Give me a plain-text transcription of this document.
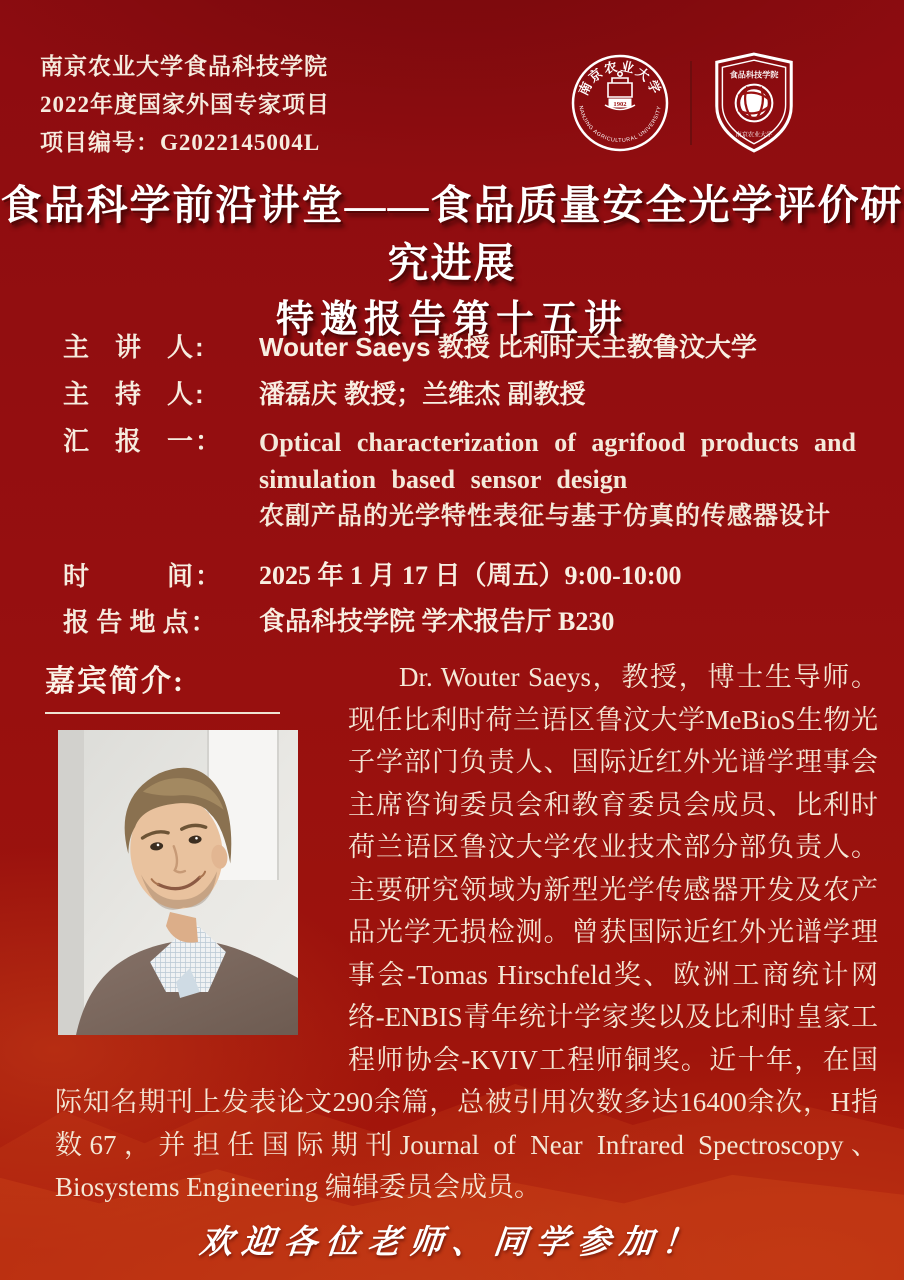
南京农业大学食品科技学院
2022年度国家外国专家项目
项目编号：G2022145004L
南京农业大学
NANJING AGRICULTURAL UNIVERSITY
1902
食品科技学院
南京农业大学
食品科学前沿讲堂——食品质量安全光学评价研究进展
特邀报告第十五讲
主　讲　人 : Wouter Saeys 教授 比利时天主教鲁汶大学
主　持　人 : 潘磊庆 教授；兰维杰 副教授
汇　报　一 ： Optical characterization of agrifood products and
simulation based sensor design
农副产品的光学特性表征与基于仿真的传感器设计
时　　　间 ： 2025 年 1 月 17 日（周五）9:00-10:00
报 告 地 点 ： 食品科技学院 学术报告厅 B230
嘉宾简介:	Dr. Wouter Saeys，教授，博士生导师。现任比利时荷兰语区鲁汶大学MeBioS生物光子学部门负责人、国际近红外光谱学理事会主席咨询委员会和教育委员会成员、比利时荷兰语区鲁汶大学农业技术部分部负责人。主要研究领域为新型光学传感器开发及农产品光学无损检测。曾获国际近红外光谱学理事会-Tomas Hirschfeld奖、欧洲工商统计网络-ENBIS青年统计学家奖以及比利时皇家工程师协会-KVIV工程师铜奖。近十年，在国际知名期刊上发表论文290余篇，总被引用次数多达16400余次，H指数67，并担任国际期刊Journal of Near Infrared Spectroscopy、Biosystems Engineering 编辑委员会成员。

欢迎各位老师、同学参加！
